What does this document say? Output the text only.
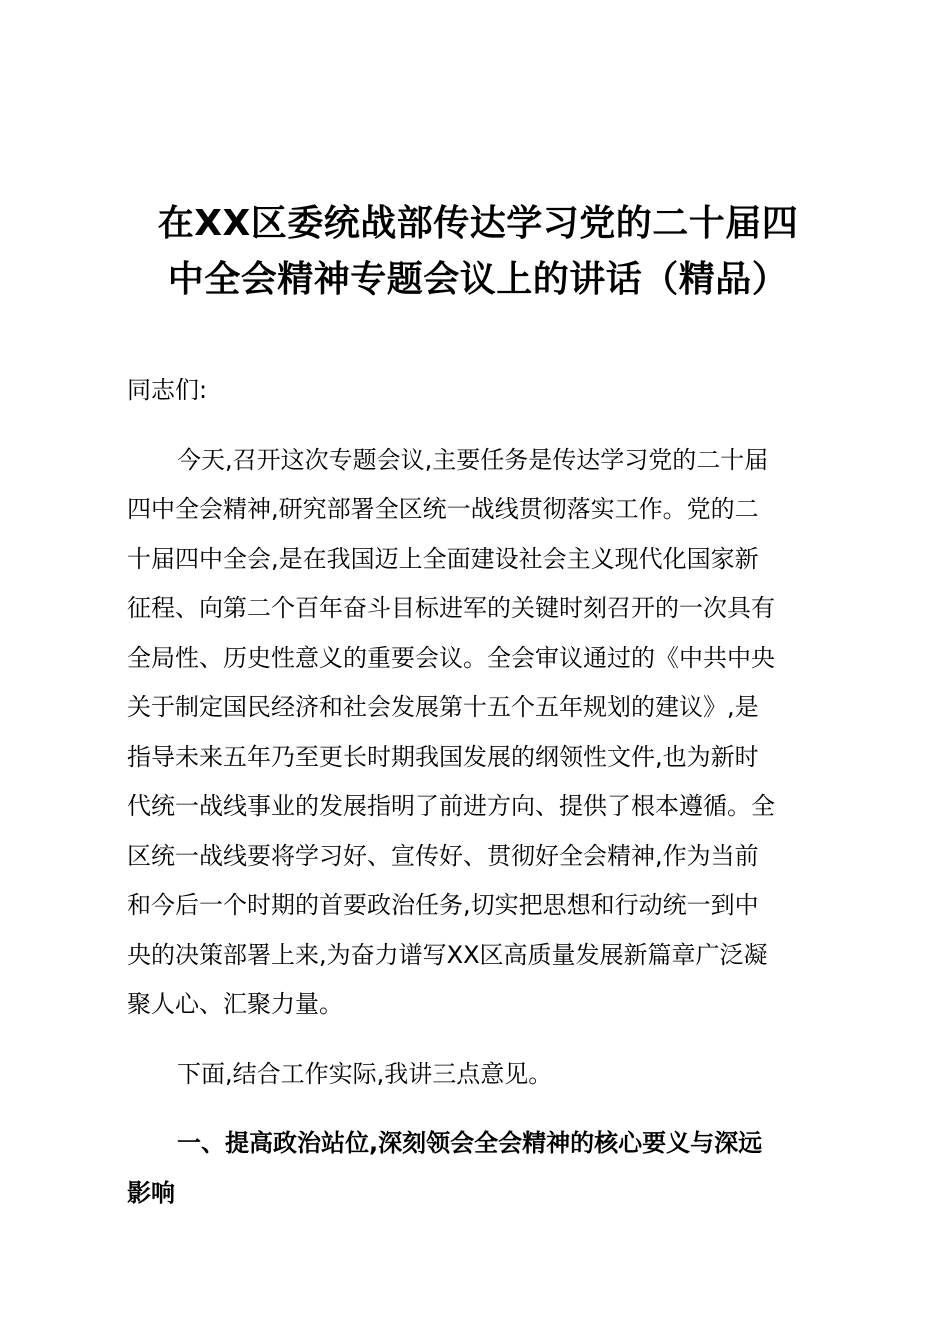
在XX区委统战部传达学习党的二十届四
中全会精神专题会议上的讲话（精品）
同志们:
今天,召开这次专题会议,主要任务是传达学习党的二十届
四中全会精神,研究部署全区统一战线贯彻落实工作。党的二
十届四中全会,是在我国迈上全面建设社会主义现代化国家新
征程、向第二个百年奋斗目标进军的关键时刻召开的一次具有
全局性、历史性意义的重要会议。全会审议通过的《中共中央
关于制定国民经济和社会发展第十五个五年规划的建议》,是
指导未来五年乃至更长时期我国发展的纲领性文件,也为新时
代统一战线事业的发展指明了前进方向、提供了根本遵循。全
区统一战线要将学习好、宣传好、贯彻好全会精神,作为当前
和今后一个时期的首要政治任务,切实把思想和行动统一到中
央的决策部署上来,为奋力谱写XX区高质量发展新篇章广泛凝
聚人心、汇聚力量。
下面,结合工作实际,我讲三点意见。
一、提高政治站位,深刻领会全会精神的核心要义与深远
影响
